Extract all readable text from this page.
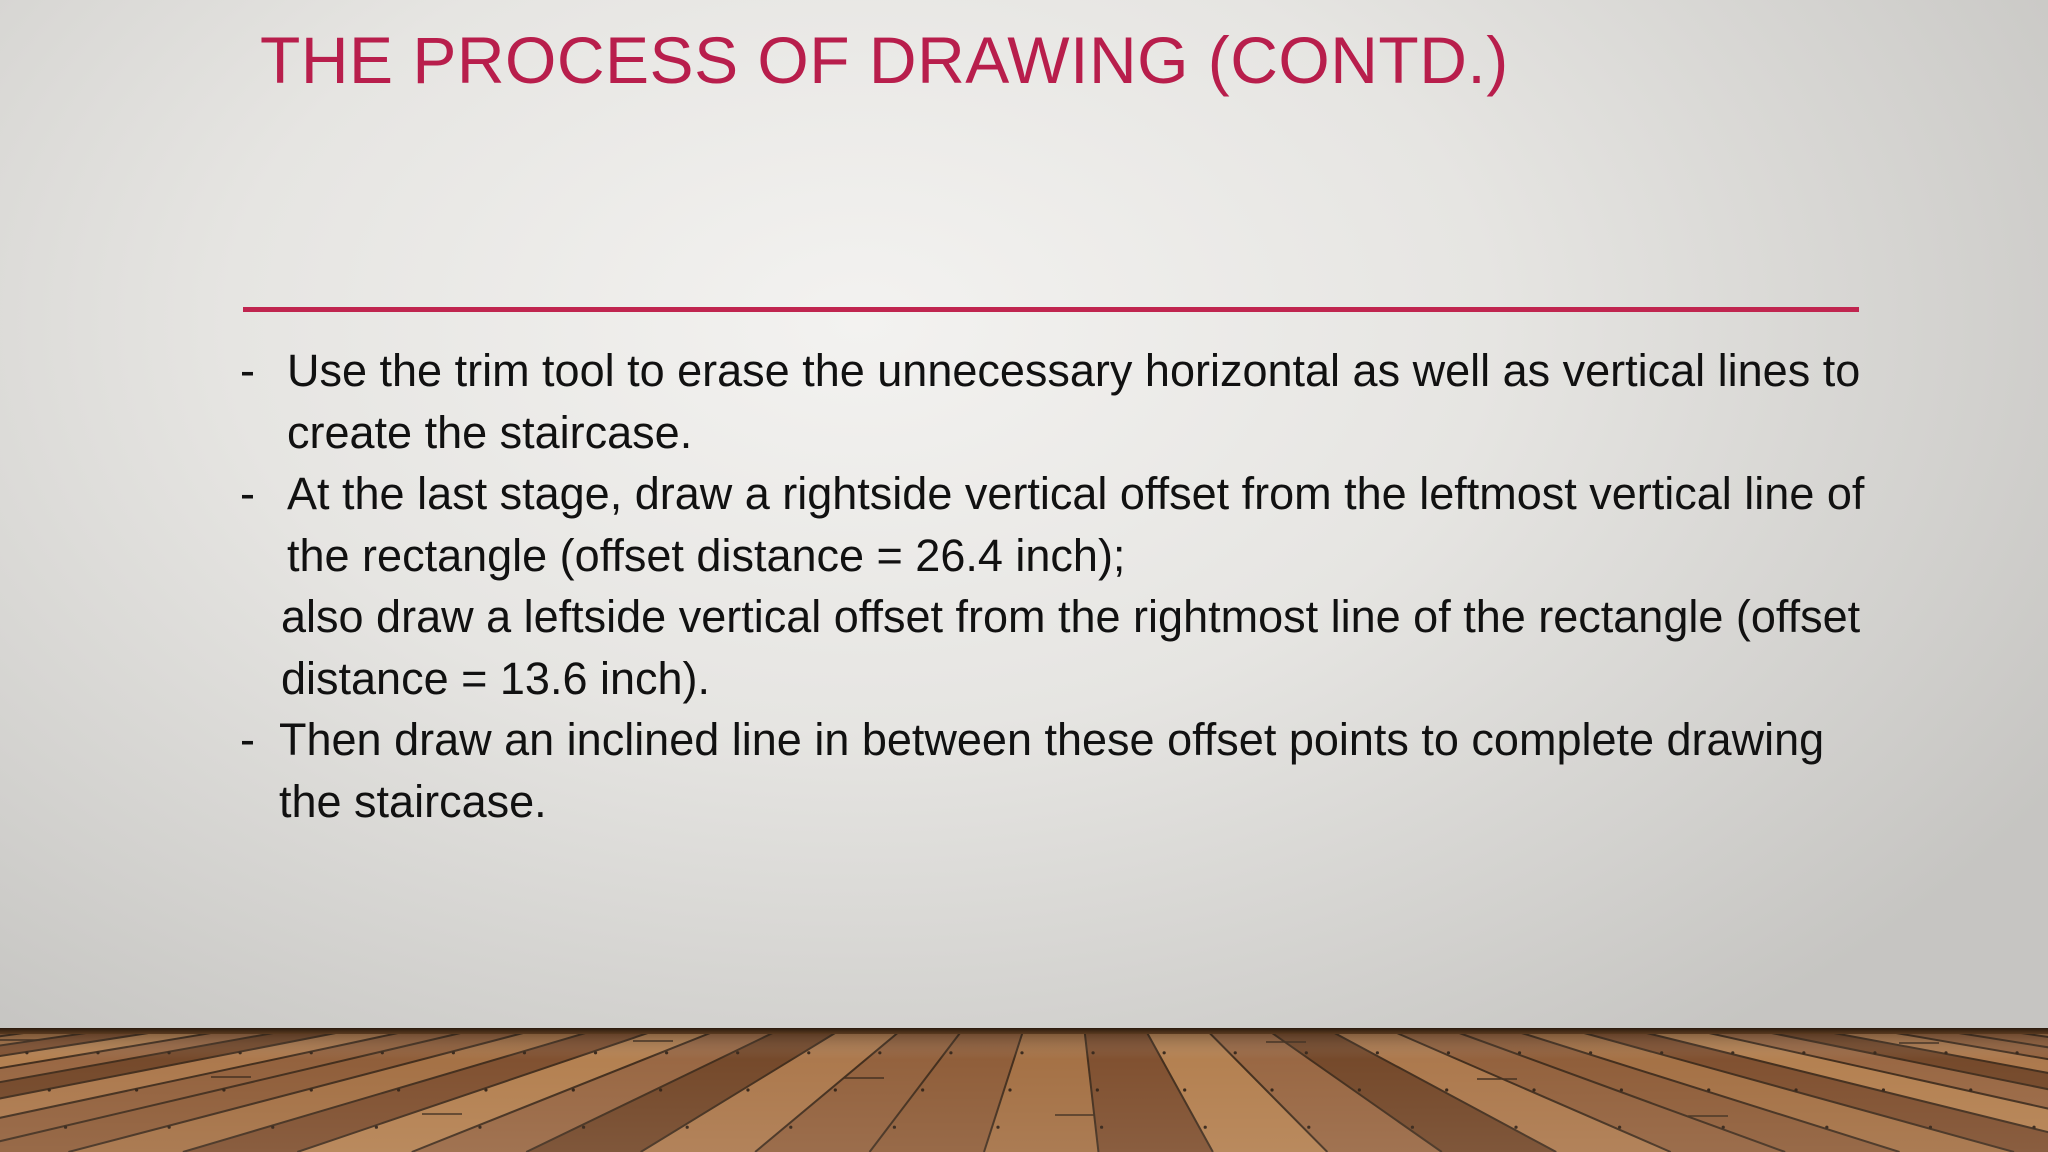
THE PROCESS OF DRAWING (CONTD.)
- Use the trim tool to erase the unnecessary horizontal as well as vertical lines to create the staircase.
- At the last stage, draw a rightside vertical offset from the leftmost vertical line of the rectangle (offset distance = 26.4 inch);
also draw a leftside vertical offset from the rightmost line of the rectangle (offset distance = 13.6 inch).
- Then draw an inclined line in between these offset points to complete drawing the staircase.
